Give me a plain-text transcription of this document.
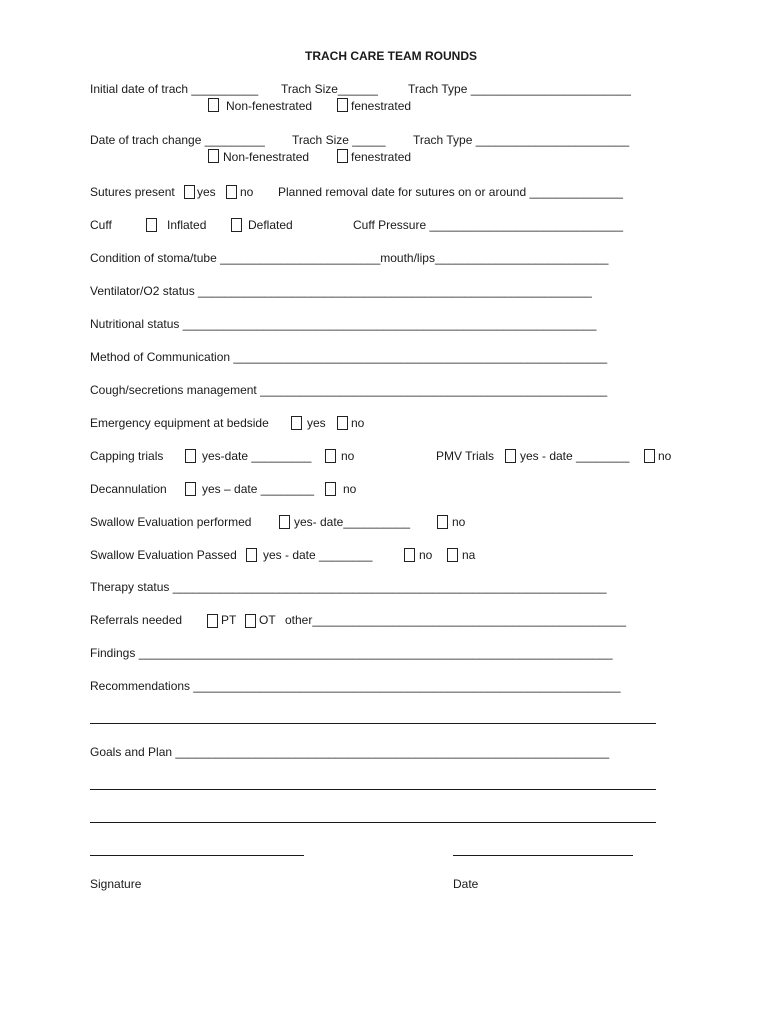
TRACH CARE TEAM ROUNDS
Initial date of trach __________ Trach Size______	Trach Type ________________________
Non-fenestrated	fenestrated
Date of trach change _________ Trach Size _____ Trach Type _______________________
Non-fenestrated	fenestrated
Sutures present yes no Planned removal date for sutures on or around ______________
Cuff	Inflated	Deflated	Cuff Pressure _____________________________
Condition of stoma/tube ________________________mouth/lips__________________________
Ventilator/O2 status ___________________________________________________________
Nutritional status ______________________________________________________________
Method of Communication ________________________________________________________
Cough/secretions management ____________________________________________________
Emergency equipment at bedside	yes no
Capping trials	yes-date _________ no	PMV Trials yes - date ________ no
Decannulation	yes – date ________ no
Swallow Evaluation performed	yes- date__________	no
Swallow Evaluation Passed yes - date ________	no na
Therapy status _________________________________________________________________
Referrals needed	PT OT other_______________________________________________
Findings _______________________________________________________________________
Recommendations ________________________________________________________________
Goals and Plan _________________________________________________________________
Signature	Date
